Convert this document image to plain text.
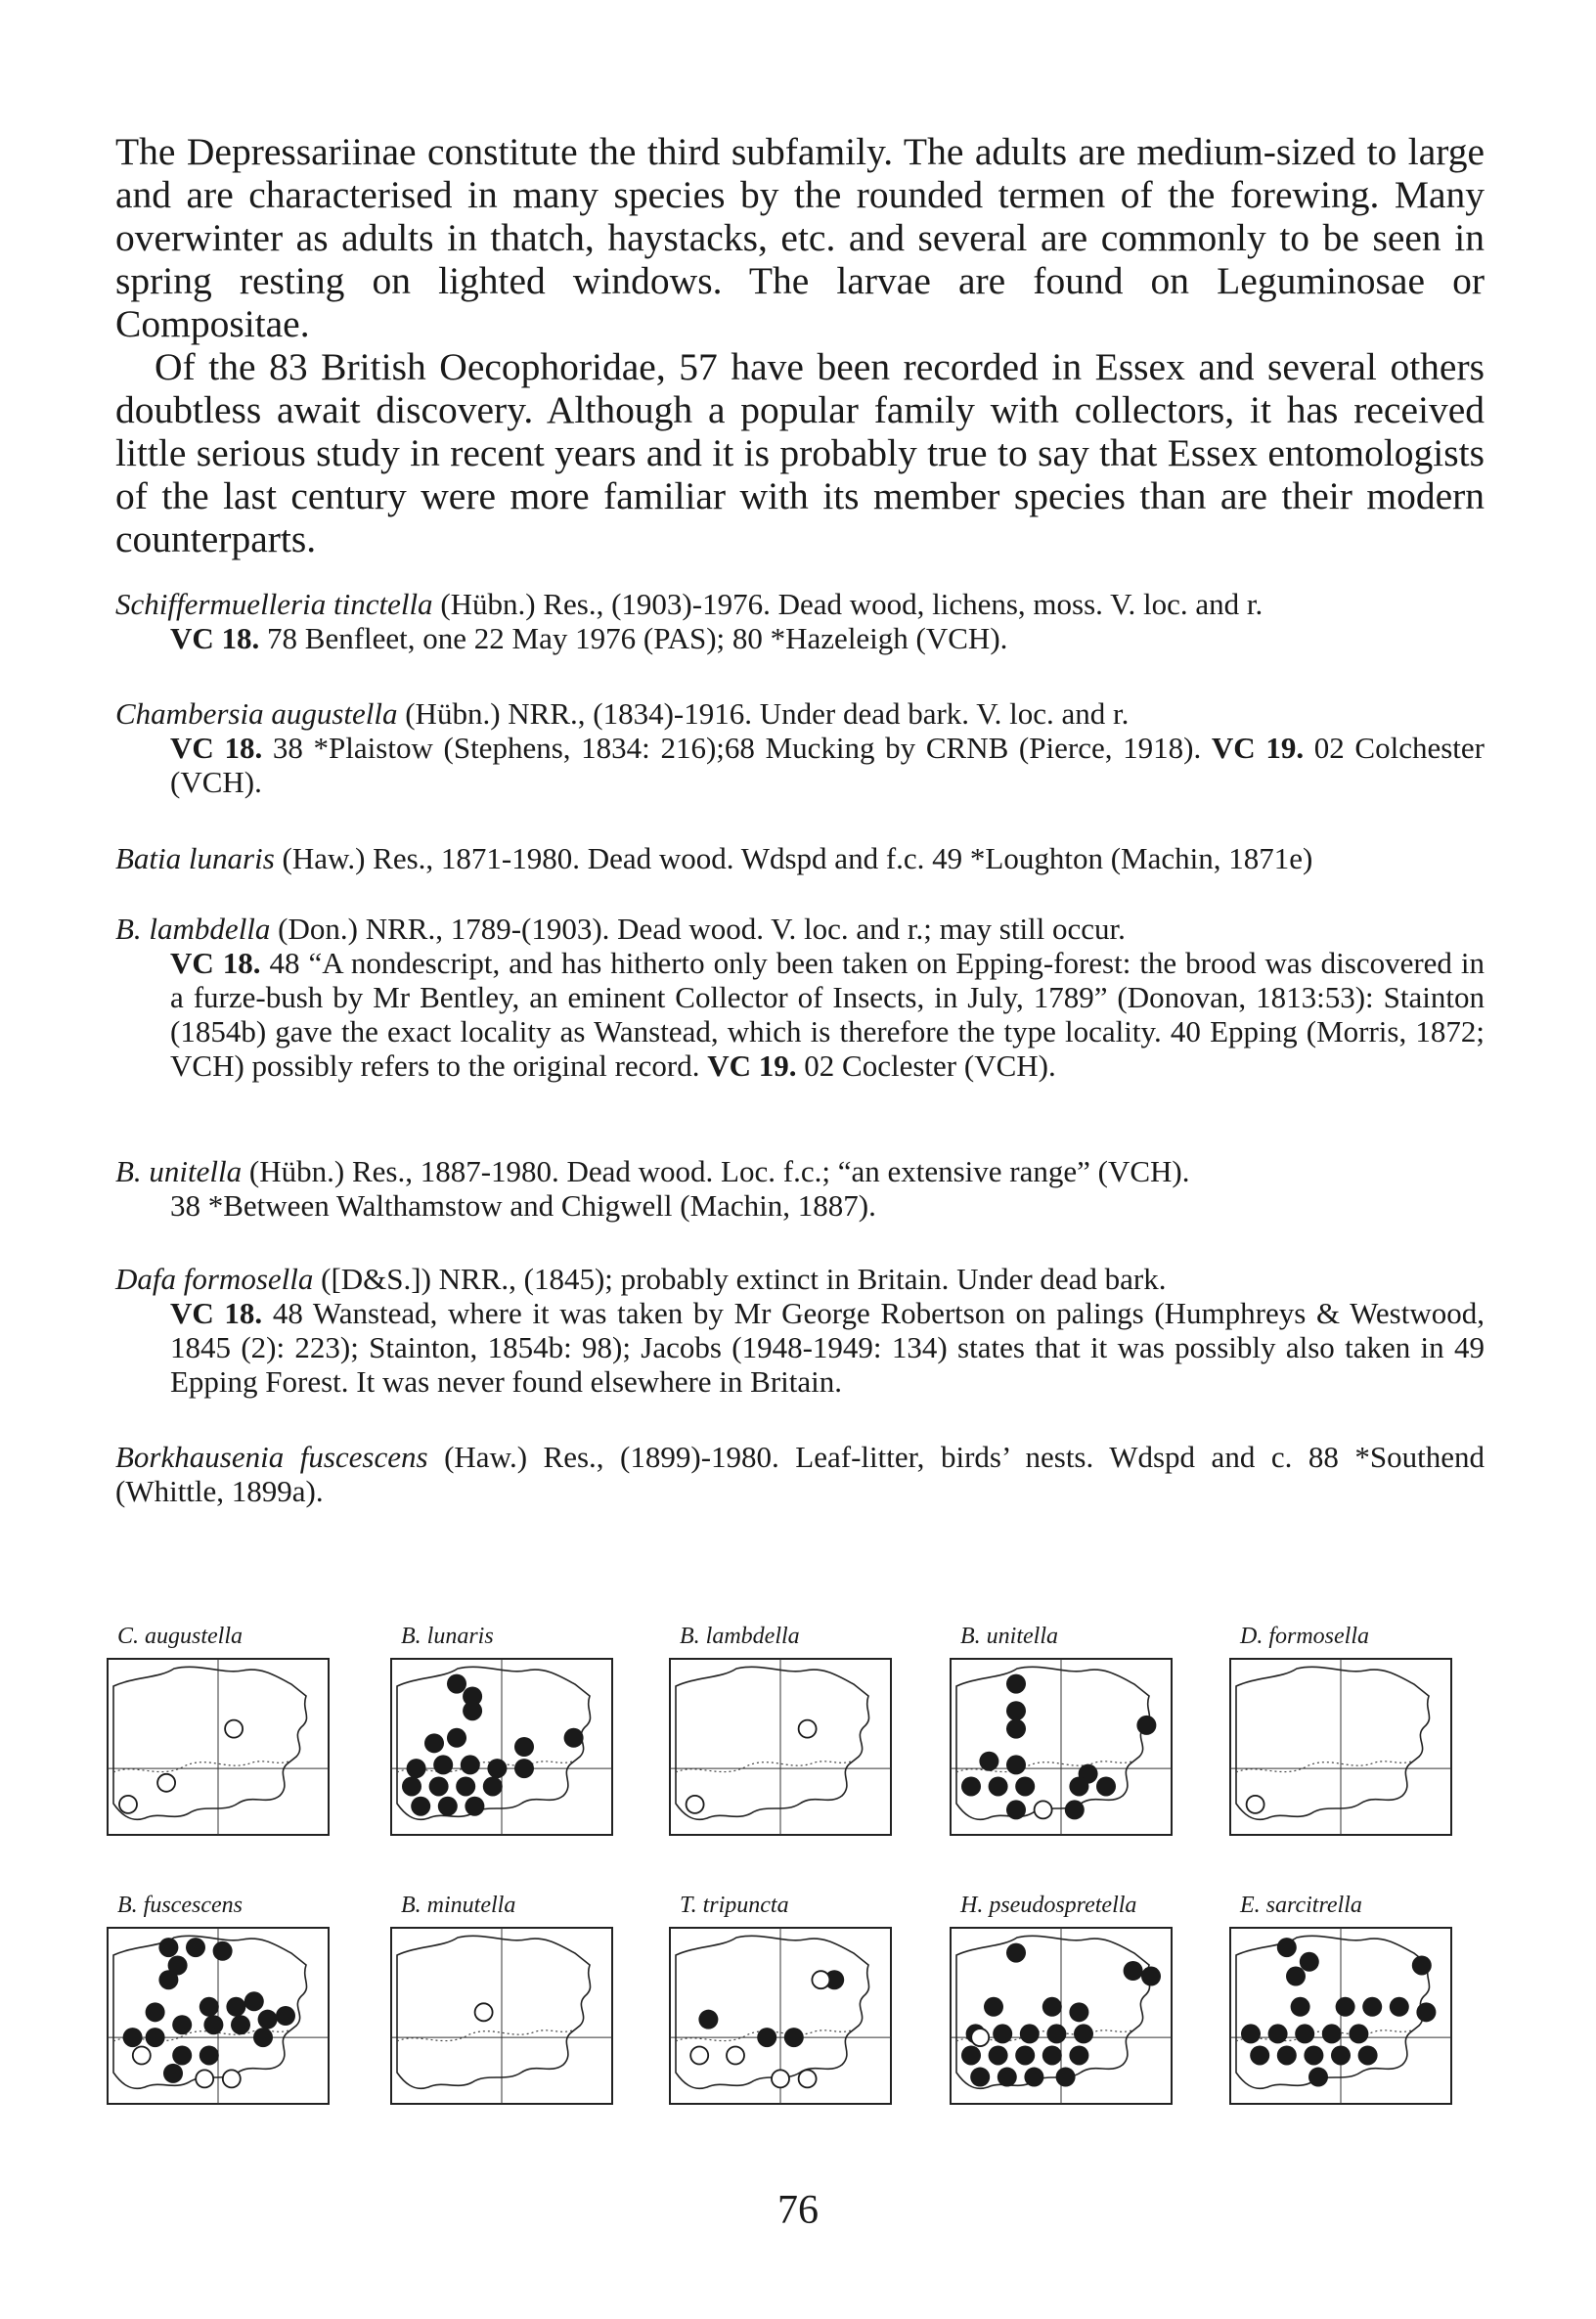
The Depressariinae constitute the third subfamily. The adults are medium-sized to large and are characterised in many species by the rounded termen of the forewing. Many overwinter as adults in thatch, haystacks, etc. and several are commonly to be seen in spring resting on lighted windows. The larvae are found on Leguminosae or Compositae.

Of the 83 British Oecophoridae, 57 have been recorded in Essex and several others doubtless await discovery. Although a popular family with collectors, it has received little serious study in recent years and it is probably true to say that Essex entomologists of the last century were more familiar with its member species than are their modern counterparts.

Schiffermuelleria tinctella (Hübn.) Res., (1903)-1976. Dead wood, lichens, moss. V. loc. and r.
VC 18. 78 Benfleet, one 22 May 1976 (PAS); 80 *Hazeleigh (VCH).
Chambersia augustella (Hübn.) NRR., (1834)-1916. Under dead bark. V. loc. and r.
VC 18. 38 *Plaistow (Stephens, 1834: 216);68 Mucking by CRNB (Pierce, 1918). VC 19. 02 Colchester (VCH).
Batia lunaris (Haw.) Res., 1871-1980. Dead wood. Wdspd and f.c. 49 *Loughton (Machin, 1871e)
B. lambdella (Don.) NRR., 1789-(1903). Dead wood. V. loc. and r.; may still occur.
VC 18. 48 “A nondescript, and has hitherto only been taken on Epping-forest: the brood was discovered in a furze-bush by Mr Bentley, an eminent Collector of Insects, in July, 1789” (Donovan, 1813:53): Stainton (1854b) gave the exact locality as Wanstead, which is therefore the type locality. 40 Epping (Morris, 1872; VCH) possibly refers to the original record. VC 19. 02 Coclester (VCH).
B. unitella (Hübn.) Res., 1887-1980. Dead wood. Loc. f.c.; “an extensive range” (VCH).
38 *Between Walthamstow and Chigwell (Machin, 1887).
Dafa formosella ([D&S.]) NRR., (1845); probably extinct in Britain. Under dead bark.
VC 18. 48 Wanstead, where it was taken by Mr George Robertson on palings (Humphreys & Westwood, 1845 (2): 223); Stainton, 1854b: 98); Jacobs (1948-1949: 134) states that it was possibly also taken in 49 Epping Forest. It was never found elsewhere in Britain.
Borkhausenia fuscescens (Haw.) Res., (1899)-1980. Leaf-litter, birds’ nests. Wdspd and c. 88 *Southend (Whittle, 1899a).
C. augustella	B. lunaris	B. lambdella	B. unitella	D. formosella
B. fuscescens	B. minutella	T. tripuncta	H. pseudospretella	E. sarcitrella
76
